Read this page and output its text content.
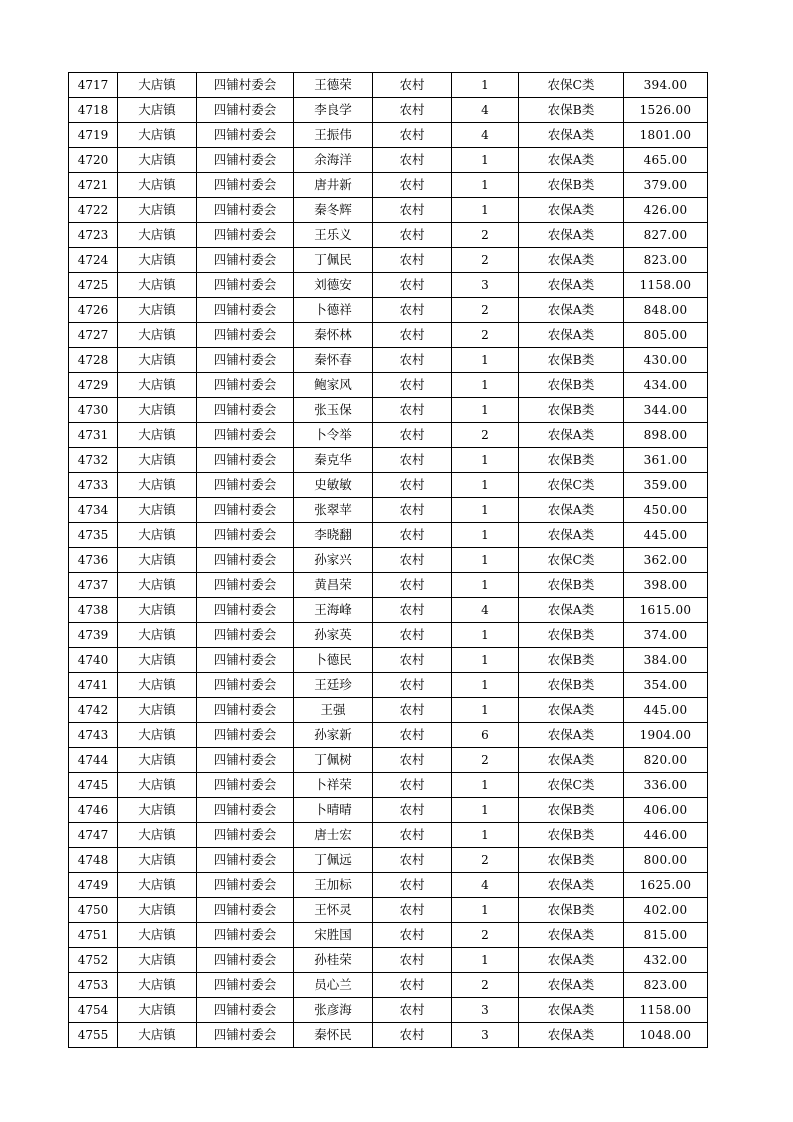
4717	大店镇	四铺村委会	王德荣	农村	1	农保C类	394.00
4718	大店镇	四铺村委会	李良学	农村	4	农保B类	1526.00
4719	大店镇	四铺村委会	王振伟	农村	4	农保A类	1801.00
4720	大店镇	四铺村委会	余海洋	农村	1	农保A类	465.00
4721	大店镇	四铺村委会	唐井新	农村	1	农保B类	379.00
4722	大店镇	四铺村委会	秦冬辉	农村	1	农保A类	426.00
4723	大店镇	四铺村委会	王乐义	农村	2	农保A类	827.00
4724	大店镇	四铺村委会	丁佩民	农村	2	农保A类	823.00
4725	大店镇	四铺村委会	刘德安	农村	3	农保A类	1158.00
4726	大店镇	四铺村委会	卜德祥	农村	2	农保A类	848.00
4727	大店镇	四铺村委会	秦怀林	农村	2	农保A类	805.00
4728	大店镇	四铺村委会	秦怀春	农村	1	农保B类	430.00
4729	大店镇	四铺村委会	鲍家风	农村	1	农保B类	434.00
4730	大店镇	四铺村委会	张玉保	农村	1	农保B类	344.00
4731	大店镇	四铺村委会	卜令举	农村	2	农保A类	898.00
4732	大店镇	四铺村委会	秦克华	农村	1	农保B类	361.00
4733	大店镇	四铺村委会	史敏敏	农村	1	农保C类	359.00
4734	大店镇	四铺村委会	张翠苹	农村	1	农保A类	450.00
4735	大店镇	四铺村委会	李晓翻	农村	1	农保A类	445.00
4736	大店镇	四铺村委会	孙家兴	农村	1	农保C类	362.00
4737	大店镇	四铺村委会	黄昌荣	农村	1	农保B类	398.00
4738	大店镇	四铺村委会	王海峰	农村	4	农保A类	1615.00
4739	大店镇	四铺村委会	孙家英	农村	1	农保B类	374.00
4740	大店镇	四铺村委会	卜德民	农村	1	农保B类	384.00
4741	大店镇	四铺村委会	王廷珍	农村	1	农保B类	354.00
4742	大店镇	四铺村委会	王强	农村	1	农保A类	445.00
4743	大店镇	四铺村委会	孙家新	农村	6	农保A类	1904.00
4744	大店镇	四铺村委会	丁佩树	农村	2	农保A类	820.00
4745	大店镇	四铺村委会	卜祥荣	农村	1	农保C类	336.00
4746	大店镇	四铺村委会	卜晴晴	农村	1	农保B类	406.00
4747	大店镇	四铺村委会	唐士宏	农村	1	农保B类	446.00
4748	大店镇	四铺村委会	丁佩远	农村	2	农保B类	800.00
4749	大店镇	四铺村委会	王加标	农村	4	农保A类	1625.00
4750	大店镇	四铺村委会	王怀灵	农村	1	农保B类	402.00
4751	大店镇	四铺村委会	宋胜国	农村	2	农保A类	815.00
4752	大店镇	四铺村委会	孙桂荣	农村	1	农保A类	432.00
4753	大店镇	四铺村委会	员心兰	农村	2	农保A类	823.00
4754	大店镇	四铺村委会	张彦海	农村	3	农保A类	1158.00
4755	大店镇	四铺村委会	秦怀民	农村	3	农保A类	1048.00
